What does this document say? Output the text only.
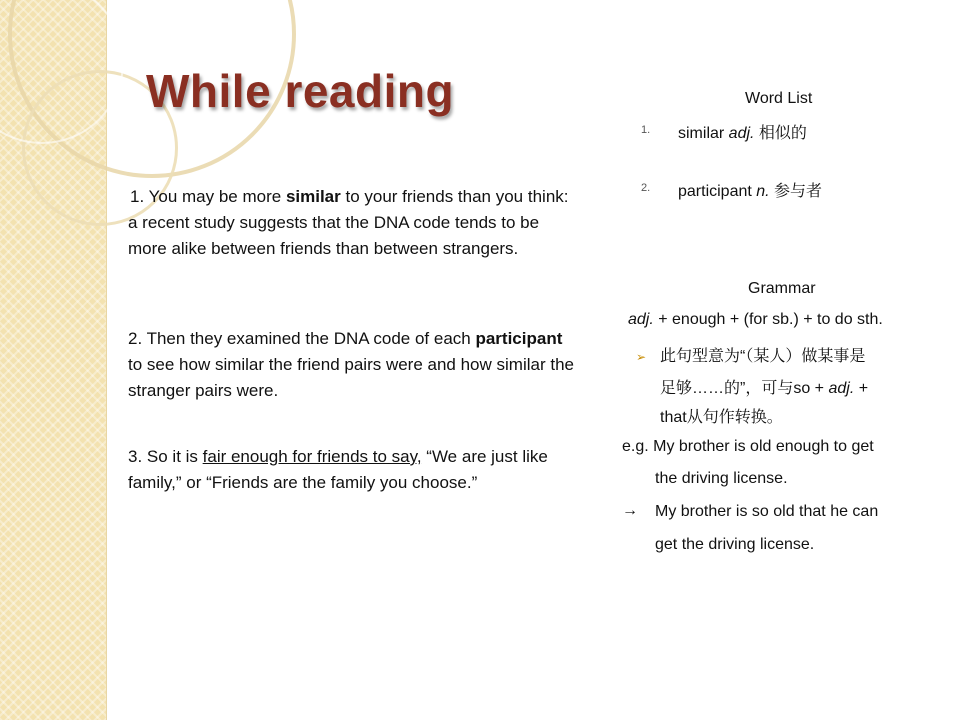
While reading

1. You may be more similar to your friends than you think: a recent study suggests that the DNA code tends to be more alike between friends than between strangers.

2. Then they examined the DNA code of each participant to see how similar the friend pairs were and how similar the stranger pairs were.

3. So it is fair enough for friends to say, “We are just like family,” or “Friends are the family you choose.”

Word List
1. similar adj. 相似的
2. participant n. 参与者
Grammar
adj. + enough + (for sb.) + to do sth.
➢ 此句型意为“（某人）做某事是
足够……的”，可与so + adj. +
that从句作转换。
e.g. My brother is old enough to get
the driving license.
→ My brother is so old that he can
get the driving license.
